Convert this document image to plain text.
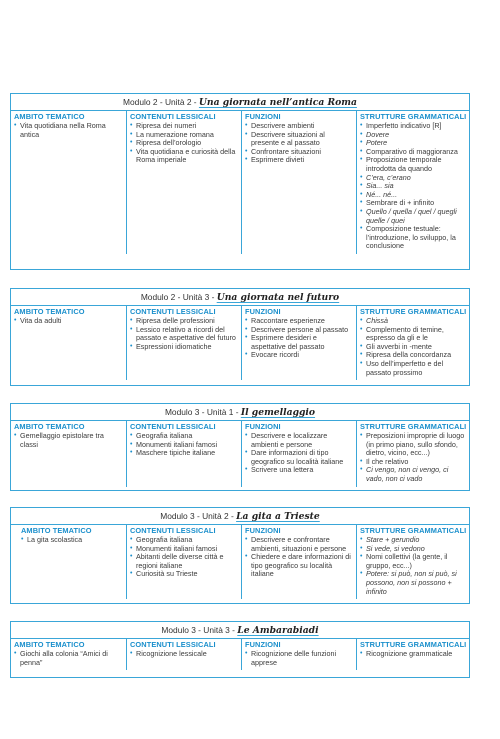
Modulo 2 - Unità 2 - Una giornata nell’antica Roma
AMBITO TEMATICO
• Vita quotidiana nella Roma antica
CONTENUTI LESSICALI
• Ripresa dei numeri
• La numerazione romana
• Ripresa dell’orologio
• Vita quotidiana e curiosità della Roma imperiale
FUNZIONI
• Descrivere ambienti
• Descrivere situazioni al presente e al passato
• Confrontare situazioni
• Esprimere divieti
STRUTTURE GRAMMATICALI
• Imperfetto indicativo [R]
• Dovere
• Potere
• Comparativo di maggioranza
• Proposizione temporale introdotta da quando
• C’era, c’erano
• Sia... sia
• Né... né...
• Sembrare di + infinito
• Quello / quella / quel / quegli quelle / quei
• Composizione testuale: l’introduzione, lo sviluppo, la conclusione
Modulo 2 - Unità 3 - Una giornata nel futuro
AMBITO TEMATICO
• Vita da adulti
CONTENUTI LESSICALI
• Ripresa delle professioni
• Lessico relativo a ricordi del passato e aspettative del futuro
• Espressioni idiomatiche
FUNZIONI
• Raccontare esperienze
• Descrivere persone al passato
• Esprimere desideri e aspettative del passato
• Evocare ricordi
STRUTTURE GRAMMATICALI
• Chissà
• Complemento di temine, espresso da gli e le
• Gli avverbi in -mente
• Ripresa della concordanza
• Uso dell’imperfetto e del passato prossimo
Modulo 3 - Unità 1 - Il gemellaggio
AMBITO TEMATICO
• Gemellaggio epistolare tra classi
CONTENUTI LESSICALI
• Geografia italiana
• Monumenti italiani famosi
• Maschere tipiche italiane
FUNZIONI
• Descrivere e localizzare ambienti e persone
• Dare informazioni di tipo geografico su località italiane
• Scrivere una lettera
STRUTTURE GRAMMATICALI
• Preposizioni improprie di luogo (in primo piano, sullo sfondo, dietro, vicino, ecc...)
• Il che relativo
• Ci vengo, non ci vengo, ci vado, non ci vado
Modulo 3 - Unità 2 - La gita a Trieste
AMBITO TEMATICO
• La gita scolastica
CONTENUTI LESSICALI
• Geografia italiana
• Monumenti italiani famosi
• Abitanti delle diverse città e regioni italiane
• Curiosità su Trieste
FUNZIONI
• Descrivere e confrontare ambienti, situazioni e persone
• Chiedere e dare informazioni di tipo geografico su località italiane
STRUTTURE GRAMMATICALI
• Stare + gerundio
• Si vede, si vedono
• Nomi collettivi (la gente, il gruppo, ecc...)
• Potere: si può, non si può, si possono, non si possono + infinito
Modulo 3 - Unità 3 - Le Ambarabiadi
AMBITO TEMATICO
• Giochi alla colonia “Amici di penna”
CONTENUTI LESSICALI
• Ricognizione lessicale
FUNZIONI
• Ricognizione delle funzioni apprese
STRUTTURE GRAMMATICALI
• Ricognizione grammaticale
